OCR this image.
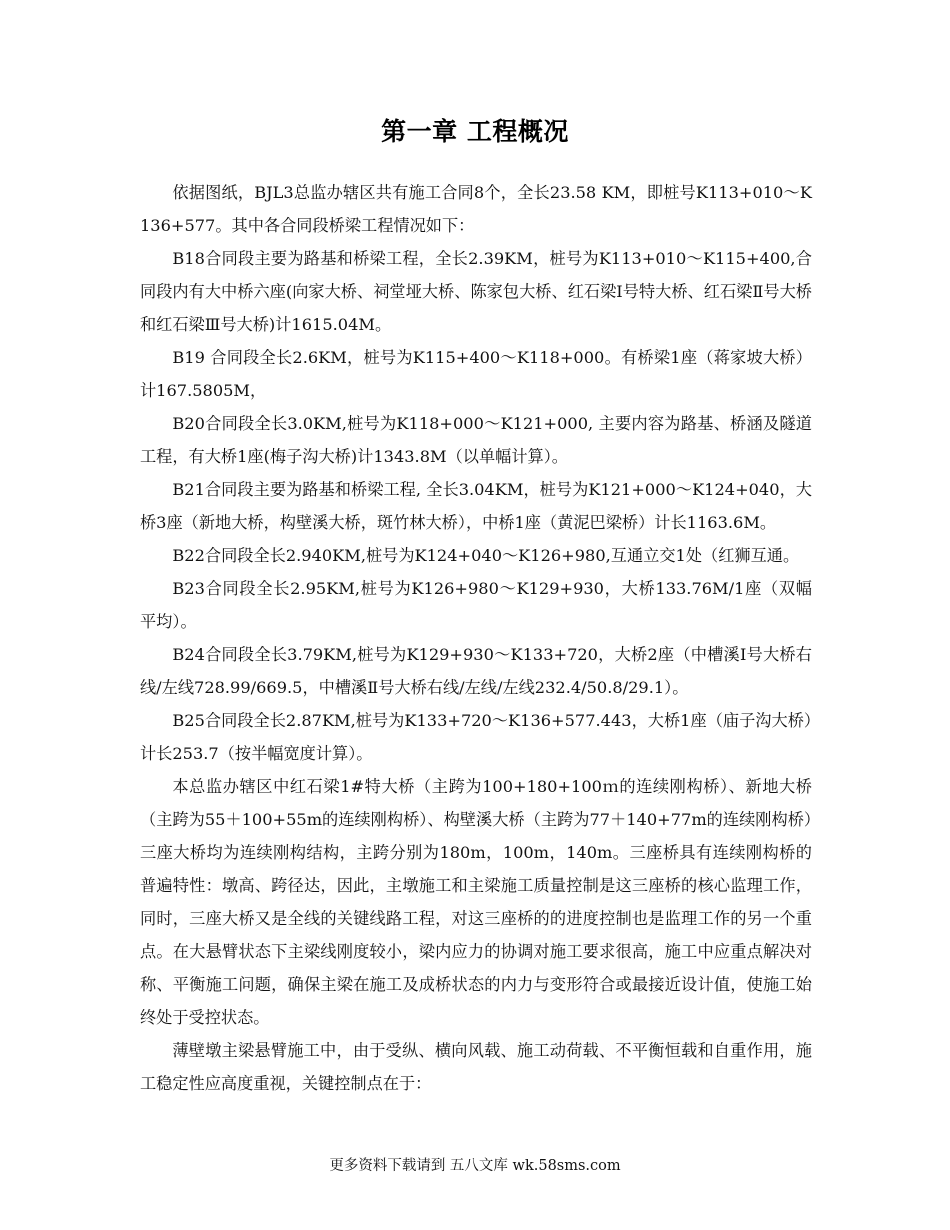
第一章 工程概况

依据图纸，BJL3总监办辖区共有施工合同8个，全长23.58 KM，即桩号K113+010～K136+577。其中各合同段桥梁工程情况如下：

B18合同段主要为路基和桥梁工程，全长2.39KM，桩号为K113+010～K115+400,合同段内有大中桥六座(向家大桥、祠堂垭大桥、陈家包大桥、红石梁Ⅰ号特大桥、红石梁Ⅱ号大桥和红石梁Ⅲ号大桥)计1615.04M。

B19 合同段全长2.6KM，桩号为K115+400～K118+000。有桥梁1座（蒋家坡大桥）计167.5805M，

B20合同段全长3.0KM,桩号为K118+000～K121+000, 主要内容为路基、桥涵及隧道工程，有大桥1座(梅子沟大桥)计1343.8M（以单幅计算）。

B21合同段主要为路基和桥梁工程, 全长3.04KM，桩号为K121+000～K124+040，大桥3座（新地大桥，构壁溪大桥，斑竹林大桥），中桥1座（黄泥巴梁桥）计长1163.6M。

B22合同段全长2.940KM,桩号为K124+040～K126+980,互通立交1处（红狮互通。

B23合同段全长2.95KM,桩号为K126+980～K129+930，大桥133.76M/1座（双幅平均）。

B24合同段全长3.79KM,桩号为K129+930～K133+720，大桥2座（中槽溪Ⅰ号大桥右线/左线728.99/669.5，中槽溪Ⅱ号大桥右线/左线/左线232.4/50.8/29.1）。

B25合同段全长2.87KM,桩号为K133+720～K136+577.443，大桥1座（庙子沟大桥）计长253.7（按半幅宽度计算）。

本总监办辖区中红石梁1#特大桥（主跨为100+180+100ｍ的连续刚构桥）、新地大桥（主跨为55＋100+55m的连续刚构桥）、构壁溪大桥（主跨为77＋140+77m的连续刚构桥）三座大桥均为连续刚构结构，主跨分别为180m，100m，140m。三座桥具有连续刚构桥的普遍特性：墩高、跨径达，因此，主墩施工和主梁施工质量控制是这三座桥的核心监理工作，同时，三座大桥又是全线的关键线路工程，对这三座桥的的进度控制也是监理工作的另一个重点。在大悬臂状态下主梁线刚度较小，梁内应力的协调对施工要求很高，施工中应重点解决对称、平衡施工问题，确保主梁在施工及成桥状态的内力与变形符合或最接近设计值，使施工始终处于受控状态。

薄壁墩主梁悬臂施工中，由于受纵、横向风载、施工动荷载、不平衡恒载和自重作用，施工稳定性应高度重视，关键控制点在于：

更多资料下载请到 五八文库 wk.58sms.com
